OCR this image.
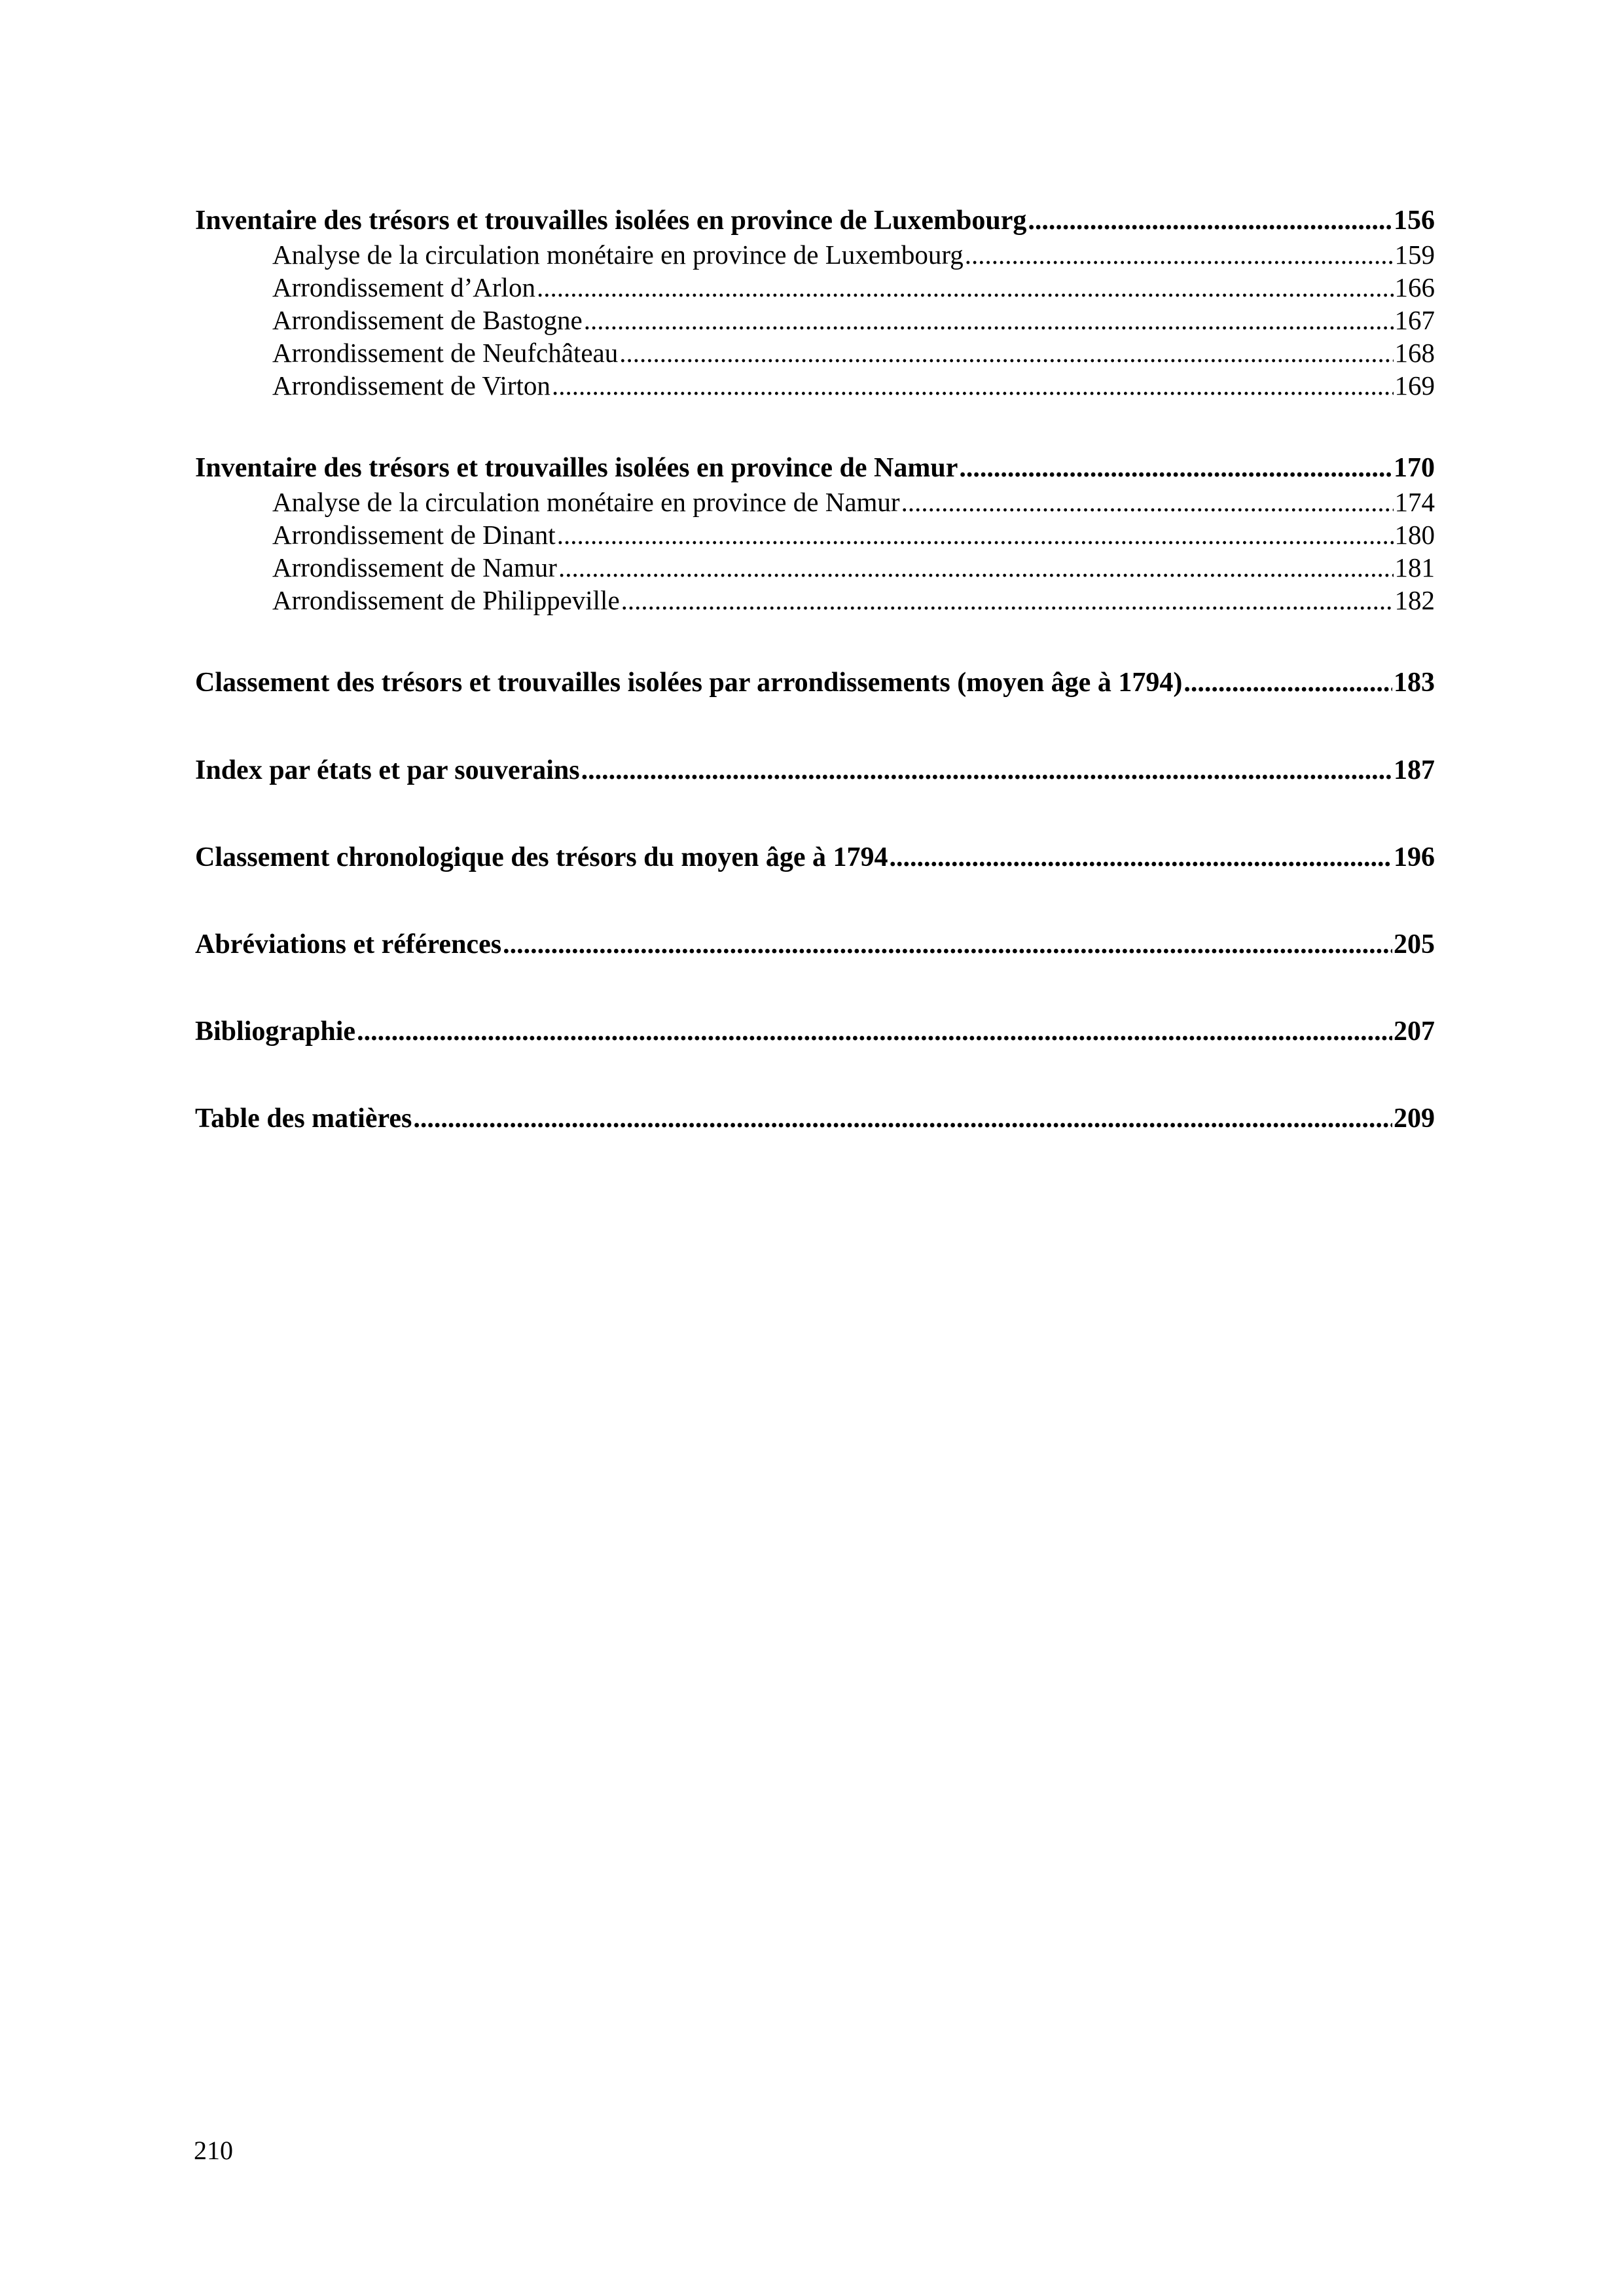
Inventaire des trésors et trouvailles isolées en province de Luxembourg .....	156
Analyse de la circulation monétaire en province de Luxembourg .....	159
Arrondissement d’Arlon .....	166
Arrondissement de Bastogne .....	167
Arrondissement de Neufchâteau .....	168
Arrondissement de Virton .....	169
Inventaire des trésors et trouvailles isolées en province de Namur .....	170
Analyse de la circulation monétaire en province de Namur .....	174
Arrondissement de Dinant .....	180
Arrondissement de Namur .....	181
Arrondissement de Philippeville .....	182
Classement des trésors et trouvailles isolées par arrondissements (moyen âge à 1794) .....	183
Index par états et par souverains .....	187
Classement chronologique des trésors du moyen âge à 1794 .....	196
Abréviations et références .....	205
Bibliographie .....	207
Table des matières .....	209
210
